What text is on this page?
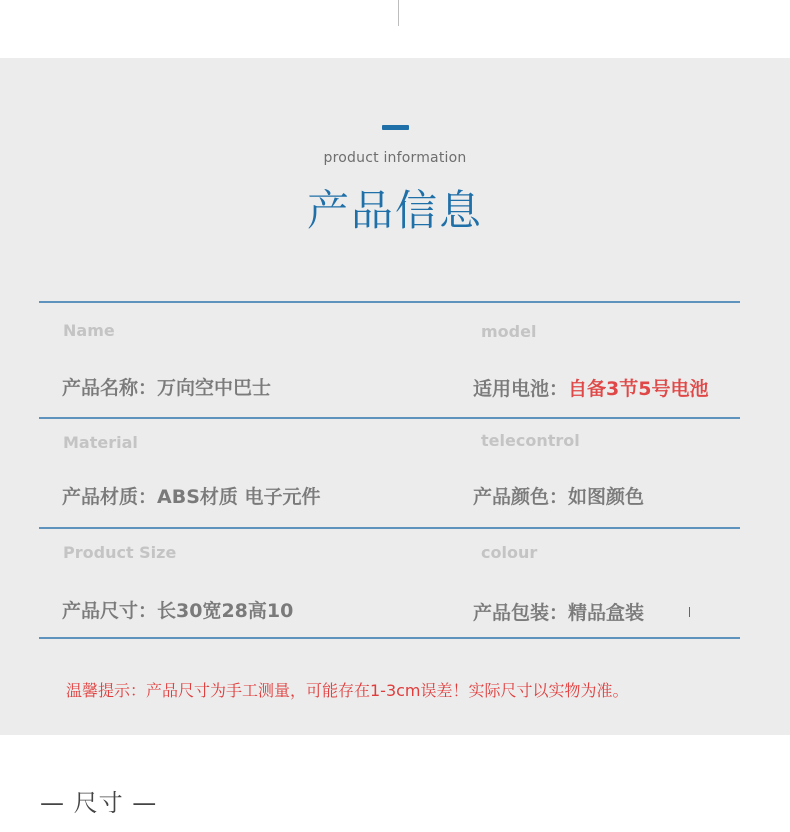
product information
产品信息
Name	model
产品名称：万向空中巴士	适用电池：自备3节5号电池
Material	telecontrol
产品材质：ABS材质 电子元件	产品颜色：如图颜色
Product Size	colour
产品尺寸：长30宽28高10	产品包装：精品盒装
温馨提示：产品尺寸为手工测量，可能存在1-3cm误差！实际尺寸以实物为准。
— 尺寸 —
